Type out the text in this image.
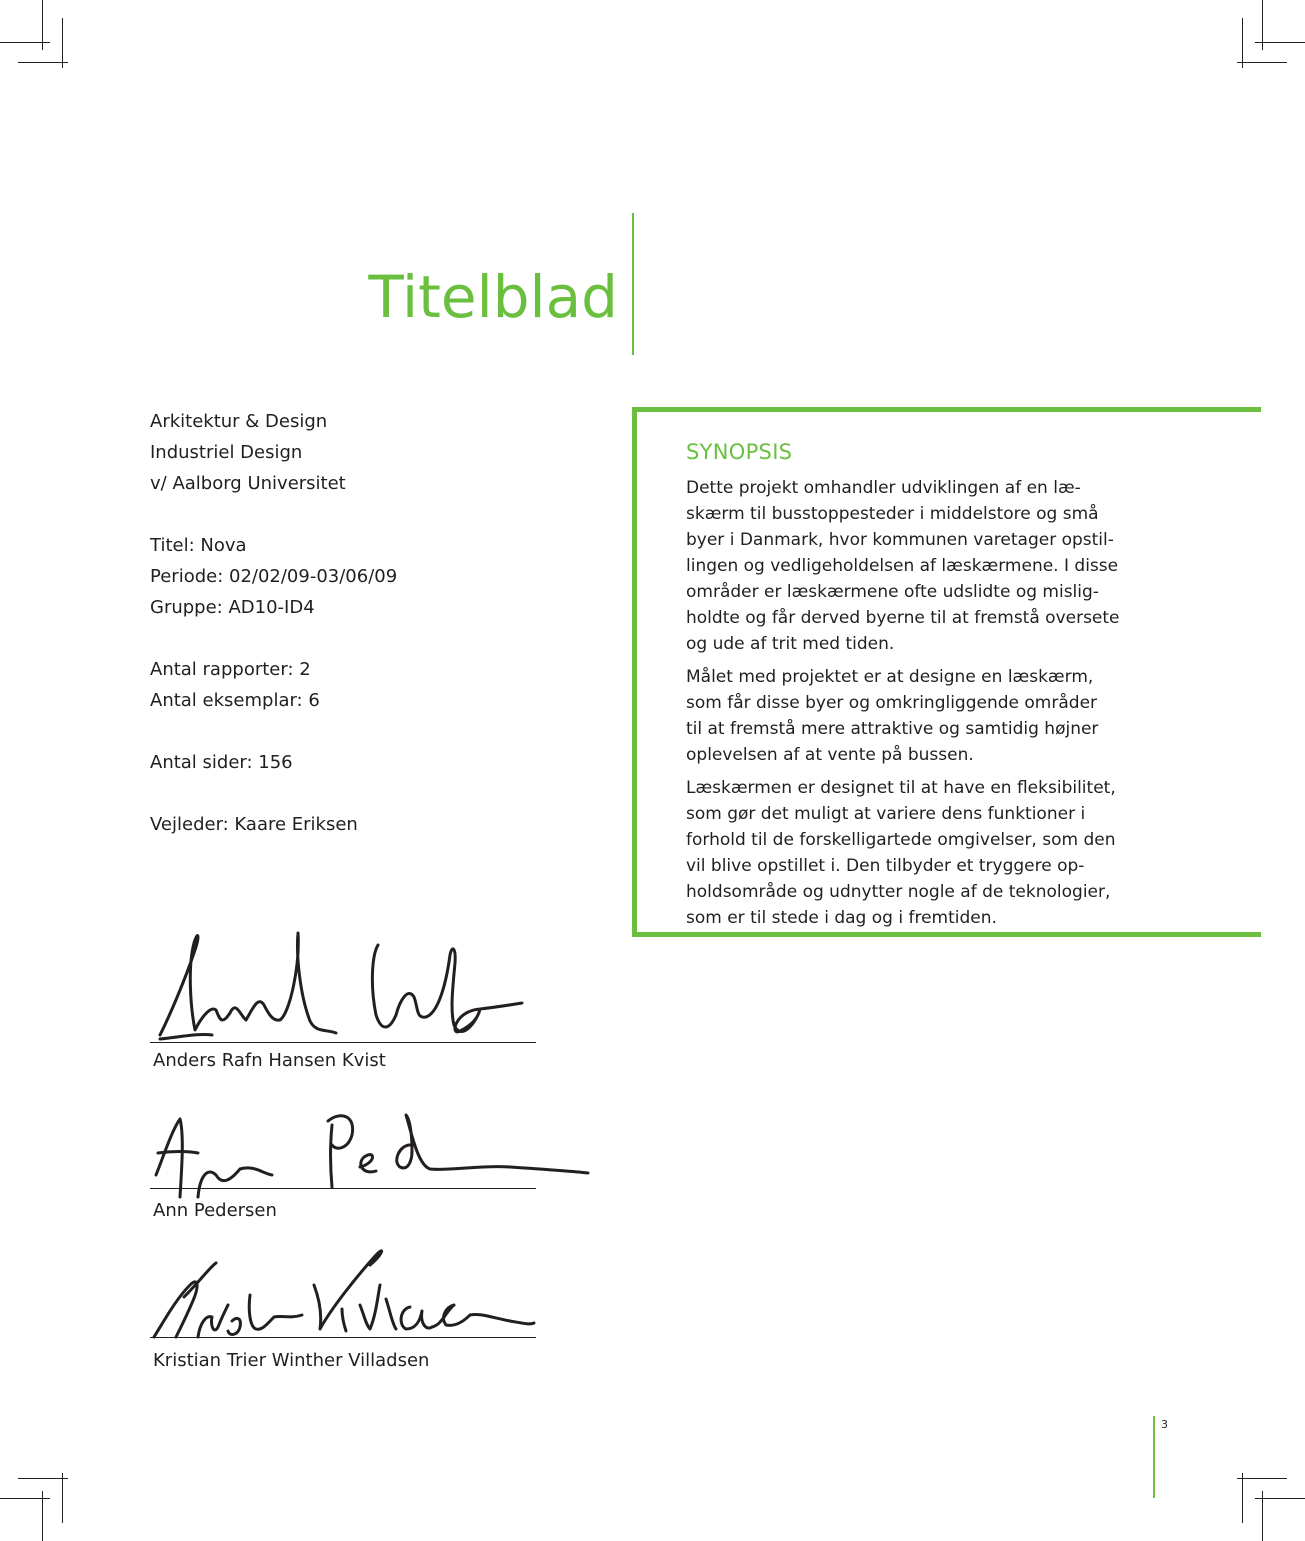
Titelblad
Arkitektur & Design
Industriel Design
v/ Aalborg Universitet
Titel: Nova
Periode: 02/02/09-03/06/09
Gruppe: AD10-ID4
Antal rapporter: 2
Antal eksemplar: 6
Antal sider: 156
Vejleder: Kaare Eriksen
SYNOPSIS

Dette projekt omhandler udviklingen af en læ-
skærm til busstoppesteder i middelstore og små
byer i Danmark, hvor kommunen varetager opstil-
lingen og vedligeholdelsen af læskærmene. I disse
områder er læskærmene ofte udslidte og mislig-
holdte og får derved byerne til at fremstå oversete
og ude af trit med tiden.

Målet med projektet er at designe en læskærm,
som får disse byer og omkringliggende områder
til at fremstå mere attraktive og samtidig højner
oplevelsen af at vente på bussen.

Læskærmen er designet til at have en fleksibilitet,
som gør det muligt at variere dens funktioner i
forhold til de forskelligartede omgivelser, som den
vil blive opstillet i. Den tilbyder et tryggere op-
holdsområde og udnytter nogle af de teknologier,
som er til stede i dag og i fremtiden.

Anders Rafn Hansen Kvist
Ann Pedersen
Kristian Trier Winther Villadsen
3
